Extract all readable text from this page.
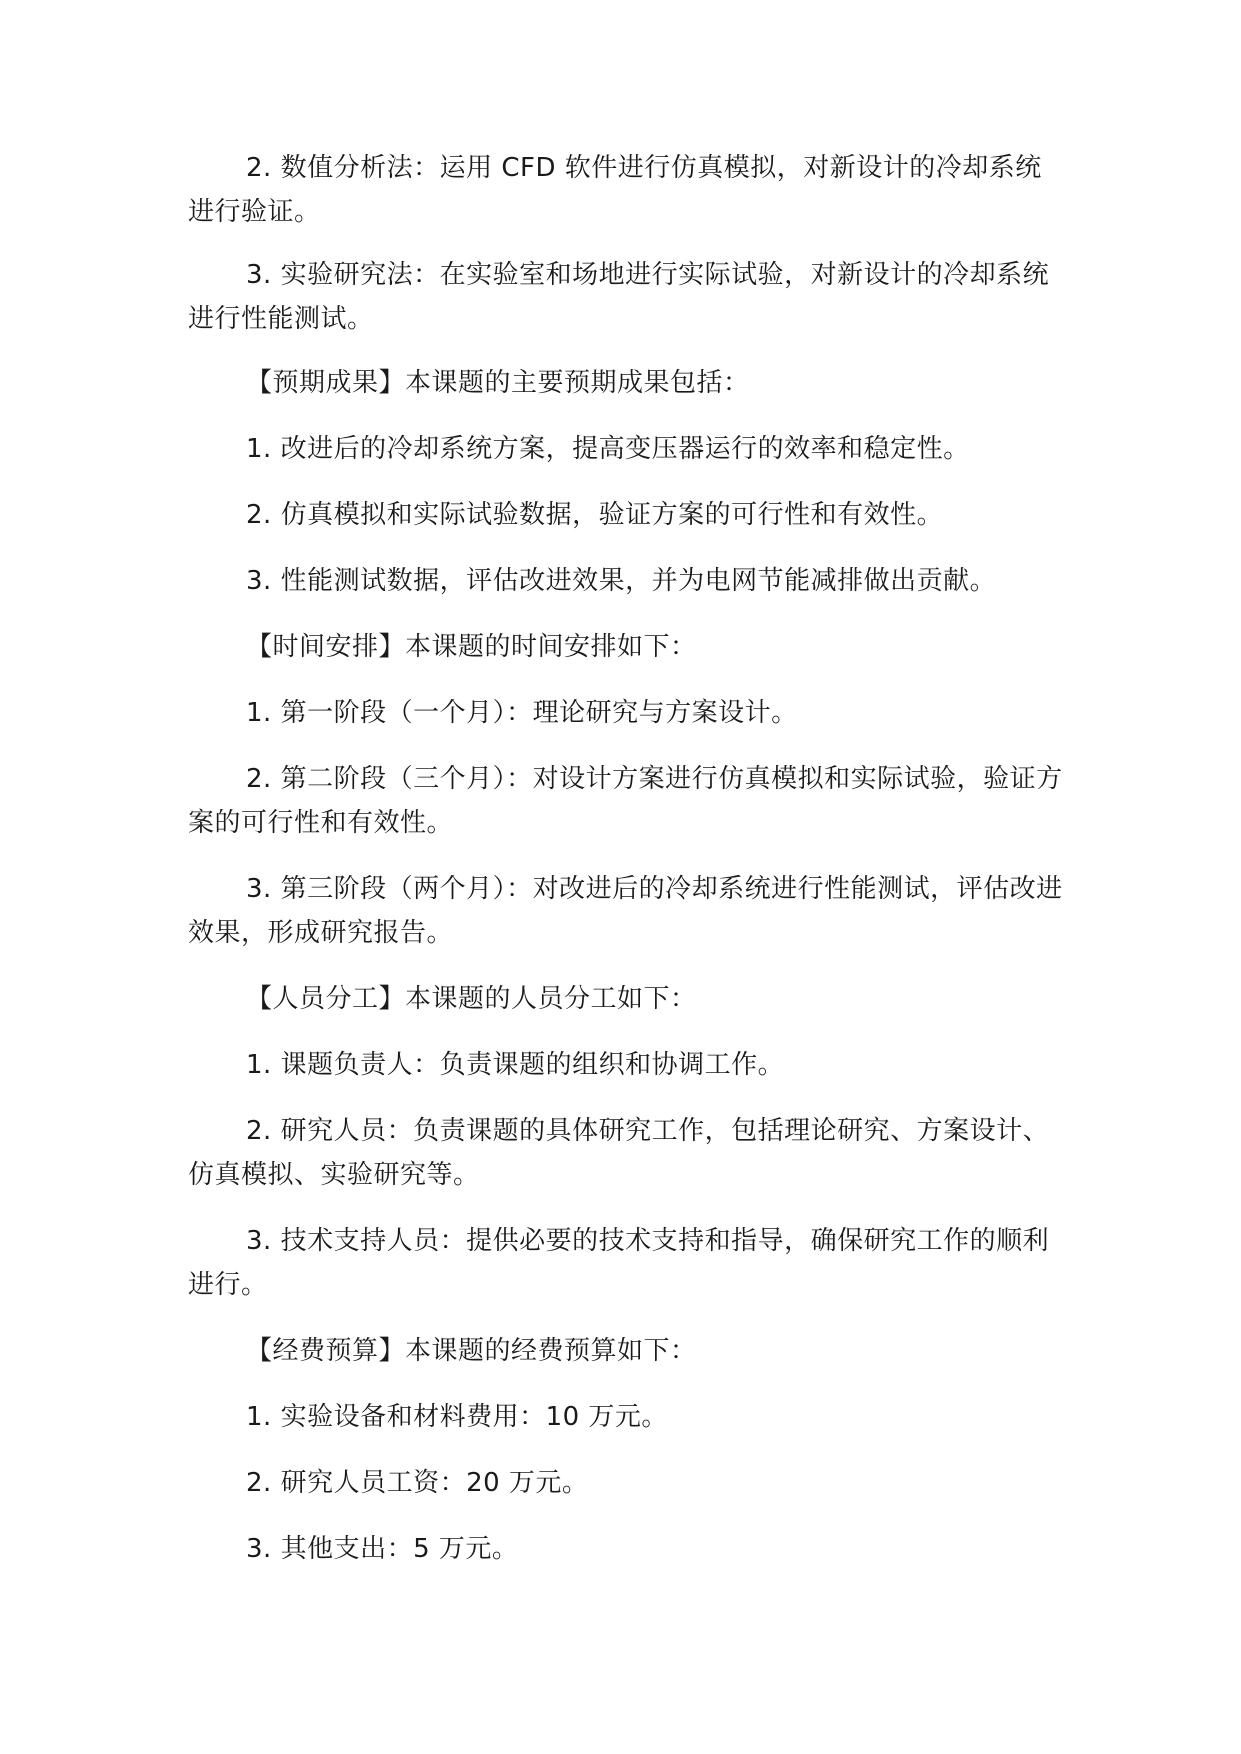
2. 数值分析法：运用 CFD 软件进行仿真模拟，对新设计的冷却系统进行验证。

3. 实验研究法：在实验室和场地进行实际试验，对新设计的冷却系统进行性能测试。

【预期成果】本课题的主要预期成果包括：

1. 改进后的冷却系统方案，提高变压器运行的效率和稳定性。

2. 仿真模拟和实际试验数据，验证方案的可行性和有效性。

3. 性能测试数据，评估改进效果，并为电网节能减排做出贡献。

【时间安排】本课题的时间安排如下：

1. 第一阶段（一个月）：理论研究与方案设计。

2. 第二阶段（三个月）：对设计方案进行仿真模拟和实际试验，验证方案的可行性和有效性。

3. 第三阶段（两个月）：对改进后的冷却系统进行性能测试，评估改进效果，形成研究报告。

【人员分工】本课题的人员分工如下：

1. 课题负责人：负责课题的组织和协调工作。

2. 研究人员：负责课题的具体研究工作，包括理论研究、方案设计、仿真模拟、实验研究等。

3. 技术支持人员：提供必要的技术支持和指导，确保研究工作的顺利进行。

【经费预算】本课题的经费预算如下：

1. 实验设备和材料费用：10 万元。

2. 研究人员工资：20 万元。

3. 其他支出：5 万元。
